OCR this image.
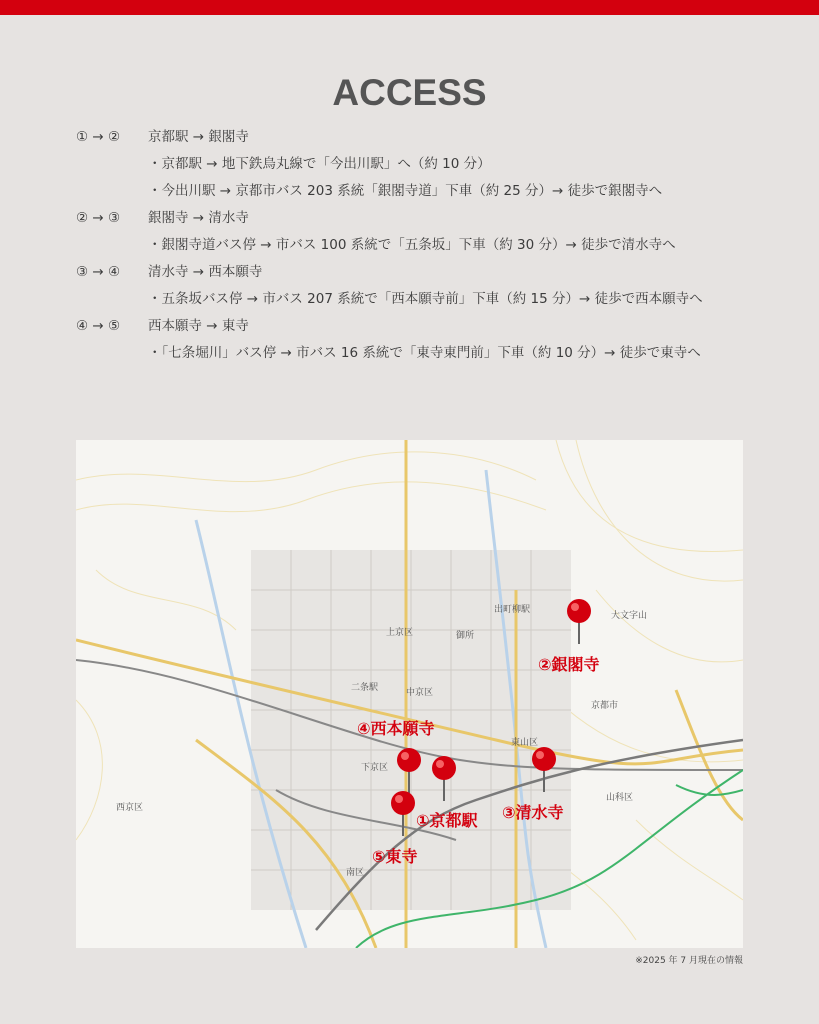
ACCESS
① → ② 京都駅 → 銀閣寺
・京都駅 → 地下鉄烏丸線で「今出川駅」へ（約 10 分）
・今出川駅 → 京都市バス 203 系統「銀閣寺道」下車（約 25 分）→ 徒歩で銀閣寺へ
② → ③ 銀閣寺 → 清水寺
・銀閣寺道バス停 → 市バス 100 系統で「五条坂」下車（約 30 分）→ 徒歩で清水寺へ
③ → ④ 清水寺 → 西本願寺
・五条坂バス停 → 市バス 207 系統で「西本願寺前」下車（約 15 分）→ 徒歩で西本願寺へ
④ → ⑤ 西本願寺 → 東寺
・「七条堀川」バス停 → 市バス 16 系統で「東寺東門前」下車（約 10 分）→ 徒歩で東寺へ
上京区
中京区
下京区
東山区
南区
京都市
西京区
山科区
二条駅
出町柳駅
大文字山
御所
②銀閣寺
④西本願寺
③清水寺
①京都駅
⑤東寺
※2025 年 7 月現在の情報
